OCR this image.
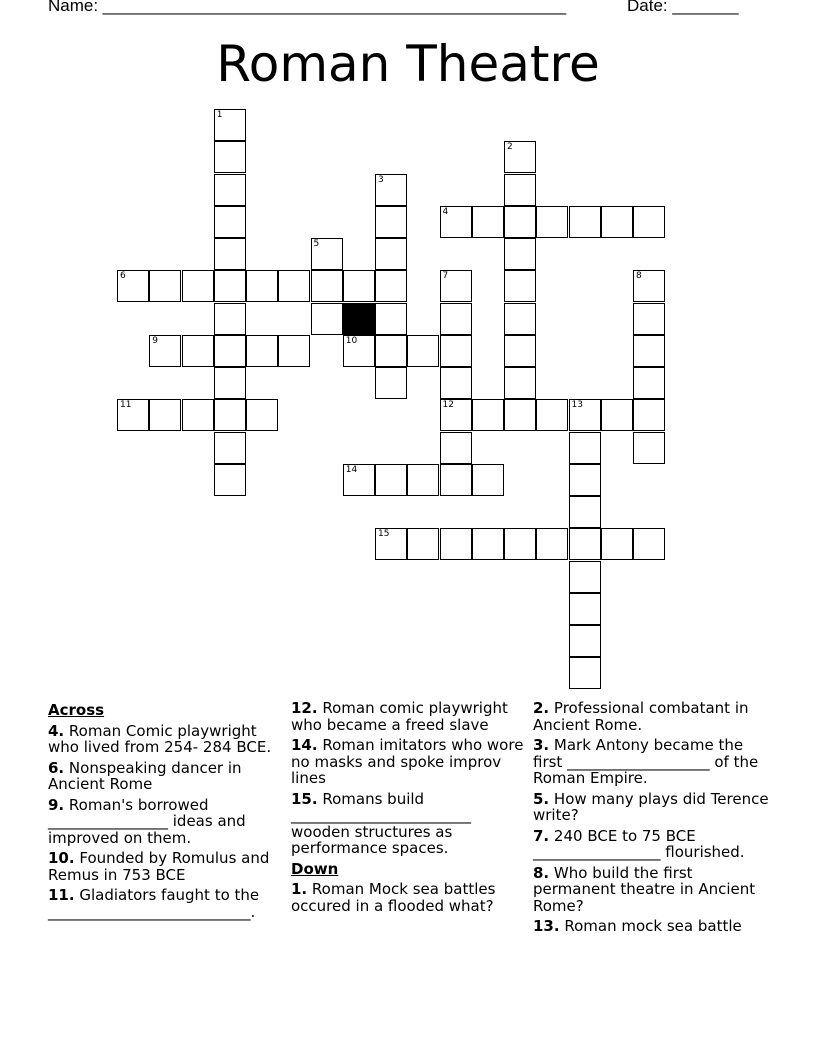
Name: _________________________________________________	Date: _______
Roman Theatre
1
2
3
4
5
6	7
12
8
9	10
11	13
14
15
Across
4. Roman Comic playwright who lived from 254- 284 BCE.
6. Nonspeaking dancer in Ancient Rome
9. Roman's borrowed ________________ ideas and improved on them.
10. Founded by Romulus and Remus in 753 BCE
11. Gladiators faught to the ___________________________.
12. Roman comic playwright who became a freed slave
14. Roman imitators who wore no masks and spoke improv lines
15. Romans build ________________________ wooden structures as performance spaces.
Down
1. Roman Mock sea battles occured in a flooded what?
2. Professional combatant in Ancient Rome.
3. Mark Antony became the first ___________________ of the Roman Empire.
5. How many plays did Terence write?
7. 240 BCE to 75 BCE _________________ flourished.
8. Who build the first permanent theatre in Ancient Rome?
13. Roman mock sea battle
